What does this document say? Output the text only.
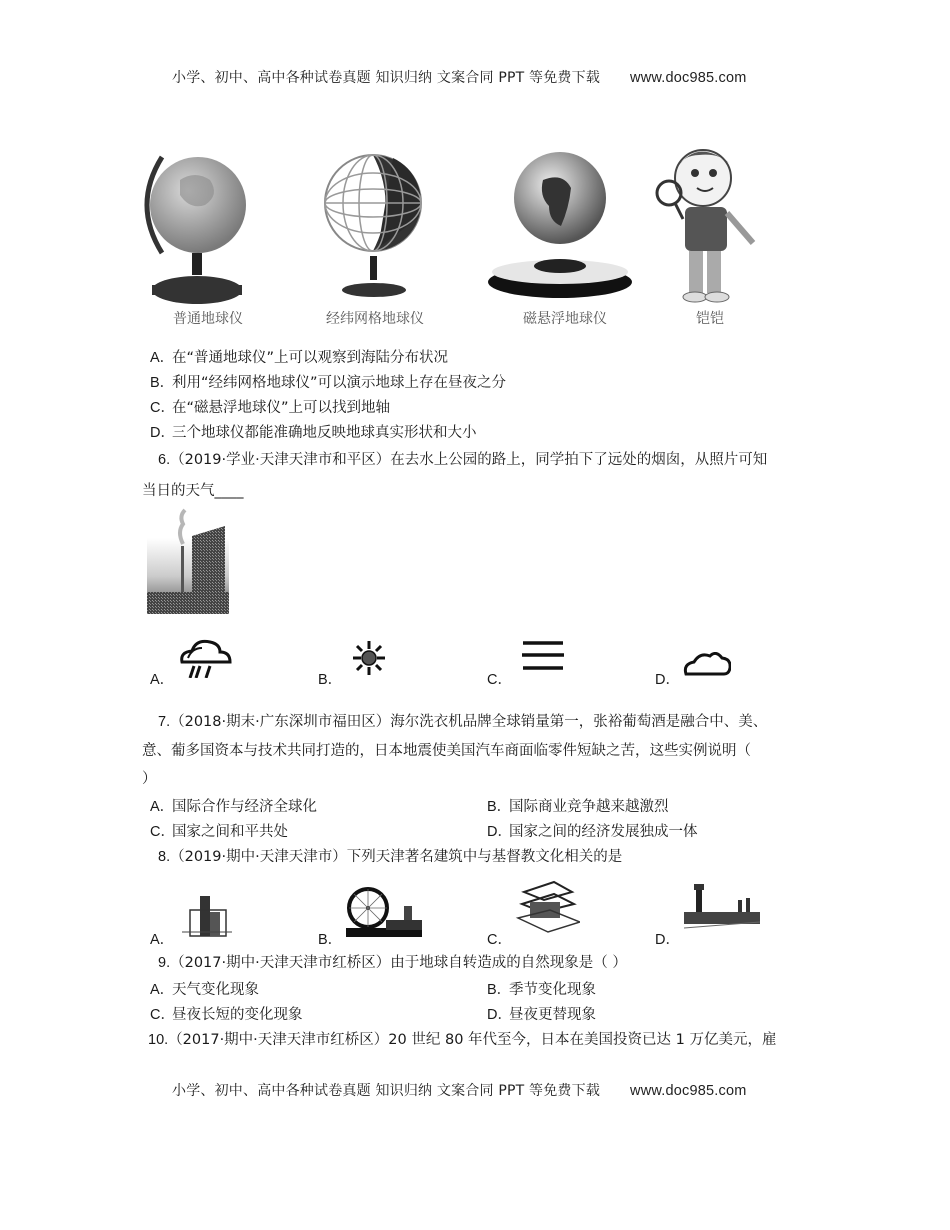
小学、初中、高中各种试卷真题 知识归纳 文案合同 PPT 等免费下载 www.doc985.com
普通地球仪	经纬网格地球仪	磁悬浮地球仪	铠铠
A．在“普通地球仪”上可以观察到海陆分布状况
B．利用“经纬网格地球仪”可以演示地球上存在昼夜之分
C．在“磁悬浮地球仪”上可以找到地轴
D．三个地球仪都能准确地反映地球真实形状和大小
6.（2019·学业·天津天津市和平区）在去水上公园的路上，同学拍下了远处的烟囱，从照片可知
当日的天气____
A．	B．	C．	D．
7.（2018·期末·广东深圳市福田区）海尔洗衣机品牌全球销量第一，张裕葡萄酒是融合中、美、
意、葡多国资本与技术共同打造的，日本地震使美国汽车商面临零件短缺之苦，这些实例说明（
）
A．国际合作与经济全球化	B．国际商业竞争越来越激烈
C．国家之间和平共处	D．国家之间的经济发展独成一体
8.（2019·期中·天津天津市）下列天津著名建筑中与基督教文化相关的是
A．	B．	C．	D．
9.（2017·期中·天津天津市红桥区）由于地球自转造成的自然现象是（ ）
A．天气变化现象	B．季节变化现象
C．昼夜长短的变化现象	D．昼夜更替现象
10.（2017·期中·天津天津市红桥区）20 世纪 80 年代至今，日本在美国投资已达 1 万亿美元，雇
小学、初中、高中各种试卷真题 知识归纳 文案合同 PPT 等免费下载 www.doc985.com
